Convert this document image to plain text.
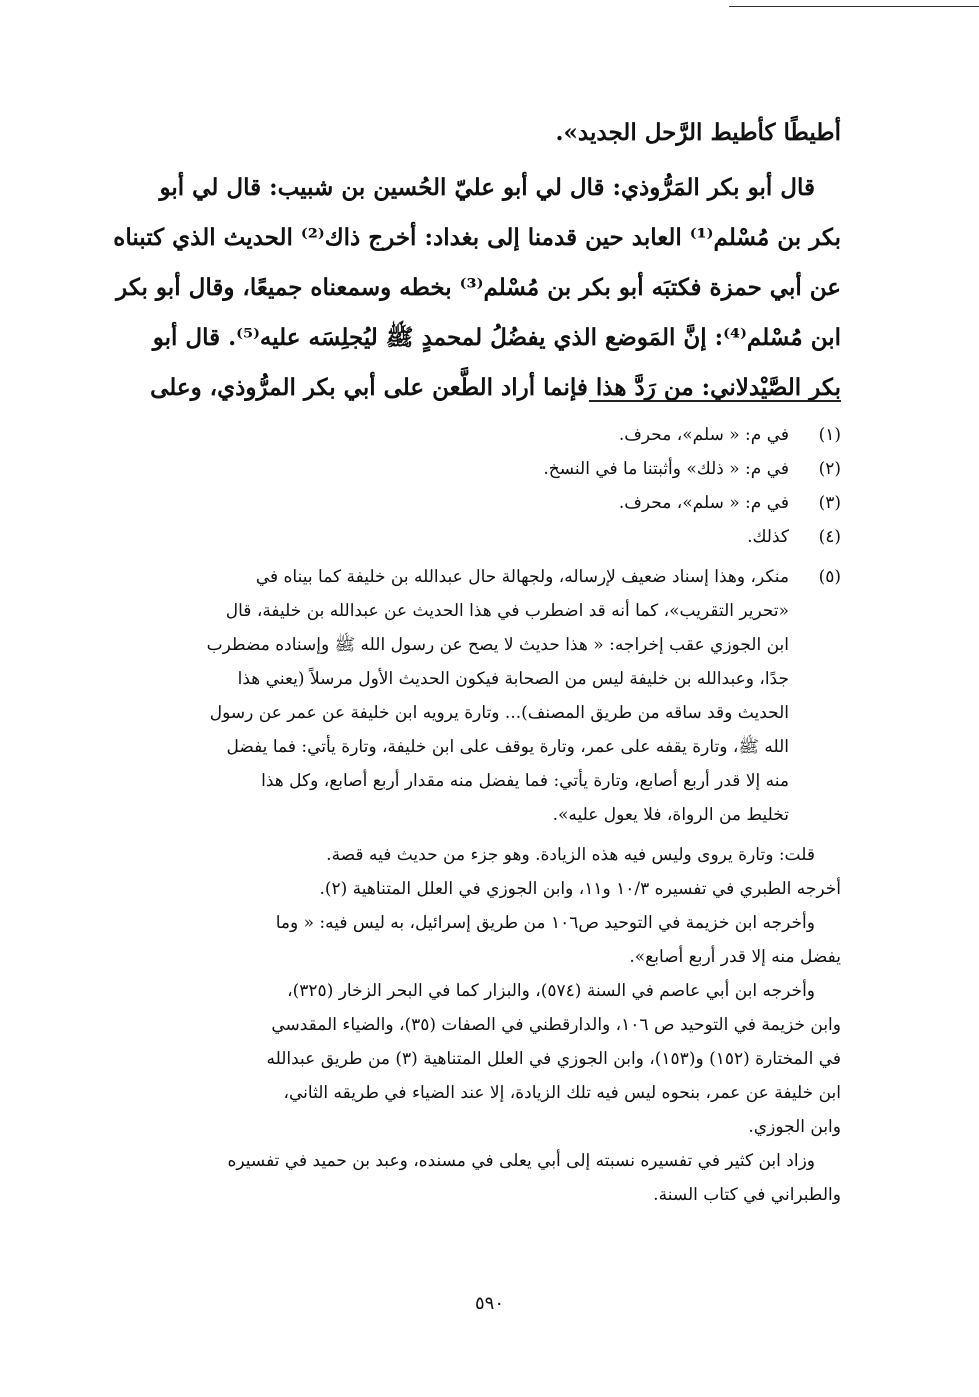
أطيطًا كأطيط الرَّحل الجديد».
قال أبو بكر المَرُّوذي: قال لي أبو عليّ الحُسين بن شبيب: قال لي أبو
بكر بن مُسْلم⁽¹⁾ العابد حين قدمنا إلى بغداد: أخرج ذاك⁽²⁾ الحديث الذي كتبناه
عن أبي حمزة فكتبَه أبو بكر بن مُسْلم⁽³⁾ بخطه وسمعناه جميعًا، وقال أبو بكر
ابن مُسْلم⁽⁴⁾: إنَّ المَوضع الذي يفضُلُ لمحمدٍ ﷺ ليُجلِسَه عليه⁽⁵⁾. قال أبو
بكر الصَّيْدلاني: من رَدَّ هذا فإنما أراد الطَّعن على أبي بكر المرُّوذي، وعلى
(١)في م: « سلم»، محرف.
(٢)في م: « ذلك» وأثبتنا ما في النسخ.
(٣)في م: « سلم»، محرف.
(٤)كذلك.
(٥)
منكر، وهذا إسناد ضعيف لإرساله، ولجهالة حال عبدالله بن خليفة كما بيناه في
«تحرير التقريب»، كما أنه قد اضطرب في هذا الحديث عن عبدالله بن خليفة، قال
ابن الجوزي عقب إخراجه: « هذا حديث لا يصح عن رسول الله ﷺ وإسناده مضطرب
جدًا، وعبدالله بن خليفة ليس من الصحابة فيكون الحديث الأول مرسلاً (يعني هذا
الحديث وقد ساقه من طريق المصنف)... وتارة يرويه ابن خليفة عن عمر عن رسول
الله ﷺ، وتارة يقفه على عمر، وتارة يوقف على ابن خليفة، وتارة يأتي: فما يفضل
منه إلا قدر أربع أصابع، وتارة يأتي: فما يفضل منه مقدار أربع أصابع، وكل هذا
تخليط من الرواة، فلا يعول عليه».
قلت: وتارة يروى وليس فيه هذه الزيادة. وهو جزء من حديث فيه قصة.
أخرجه الطبري في تفسيره ١٠/٣ و١١، وابن الجوزي في العلل المتناهية (٢).
وأخرجه ابن خزيمة في التوحيد ص١٠٦ من طريق إسرائيل، به ليس فيه: « وما
يفضل منه إلا قدر أربع أصابع».
وأخرجه ابن أبي عاصم في السنة (٥٧٤)، والبزار كما في البحر الزخار (٣٢٥)،
وابن خزيمة في التوحيد ص ١٠٦، والدارقطني في الصفات (٣٥)، والضياء المقدسي
في المختارة (١٥٢) و(١٥٣)، وابن الجوزي في العلل المتناهية (٣) من طريق عبدالله
ابن خليفة عن عمر، بنحوه ليس فيه تلك الزيادة، إلا عند الضياء في طريقه الثاني،
وابن الجوزي.
وزاد ابن كثير في تفسيره نسبته إلى أبي يعلى في مسنده، وعبد بن حميد في تفسيره
والطبراني في كتاب السنة.
٥٩٠
